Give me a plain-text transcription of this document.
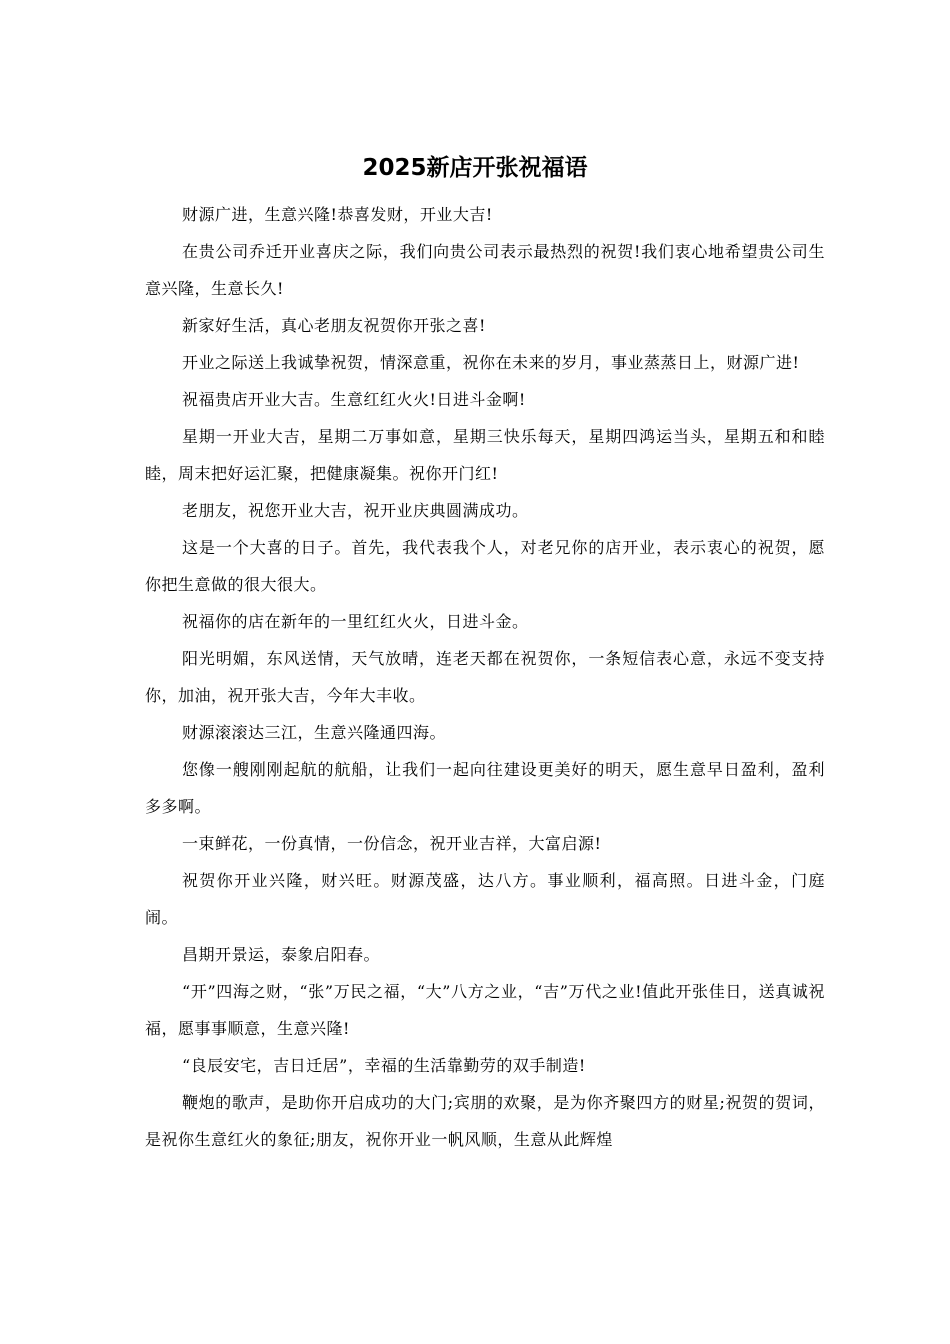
2025新店开张祝福语

财源广进，生意兴隆!恭喜发财，开业大吉!

在贵公司乔迁开业喜庆之际，我们向贵公司表示最热烈的祝贺!我们衷心地希望贵公司生意兴隆，生意长久!

新家好生活，真心老朋友祝贺你开张之喜!

开业之际送上我诚挚祝贺，情深意重，祝你在未来的岁月，事业蒸蒸日上，财源广进!

祝福贵店开业大吉。生意红红火火!日进斗金啊!

星期一开业大吉，星期二万事如意，星期三快乐每天，星期四鸿运当头，星期五和和睦睦，周末把好运汇聚，把健康凝集。祝你开门红!

老朋友，祝您开业大吉，祝开业庆典圆满成功。

这是一个大喜的日子。首先，我代表我个人，对老兄你的店开业，表示衷心的祝贺，愿你把生意做的很大很大。

祝福你的店在新年的一里红红火火，日进斗金。

阳光明媚，东风送情，天气放晴，连老天都在祝贺你，一条短信表心意，永远不变支持你，加油，祝开张大吉，今年大丰收。

财源滚滚达三江，生意兴隆通四海。

您像一艘刚刚起航的航船，让我们一起向往建设更美好的明天，愿生意早日盈利，盈利多多啊。

一束鲜花，一份真情，一份信念，祝开业吉祥，大富启源!

祝贺你开业兴隆，财兴旺。财源茂盛，达八方。事业顺利，福高照。日进斗金，门庭闹。

昌期开景运，泰象启阳春。

“开”四海之财，“张”万民之福，“大”八方之业，“吉”万代之业!值此开张佳日，送真诚祝福，愿事事顺意，生意兴隆!

“良辰安宅，吉日迁居”，幸福的生活靠勤劳的双手制造!

鞭炮的歌声，是助你开启成功的大门;宾朋的欢聚，是为你齐聚四方的财星;祝贺的贺词，是祝你生意红火的象征;朋友，祝你开业一帆风顺，生意从此辉煌
